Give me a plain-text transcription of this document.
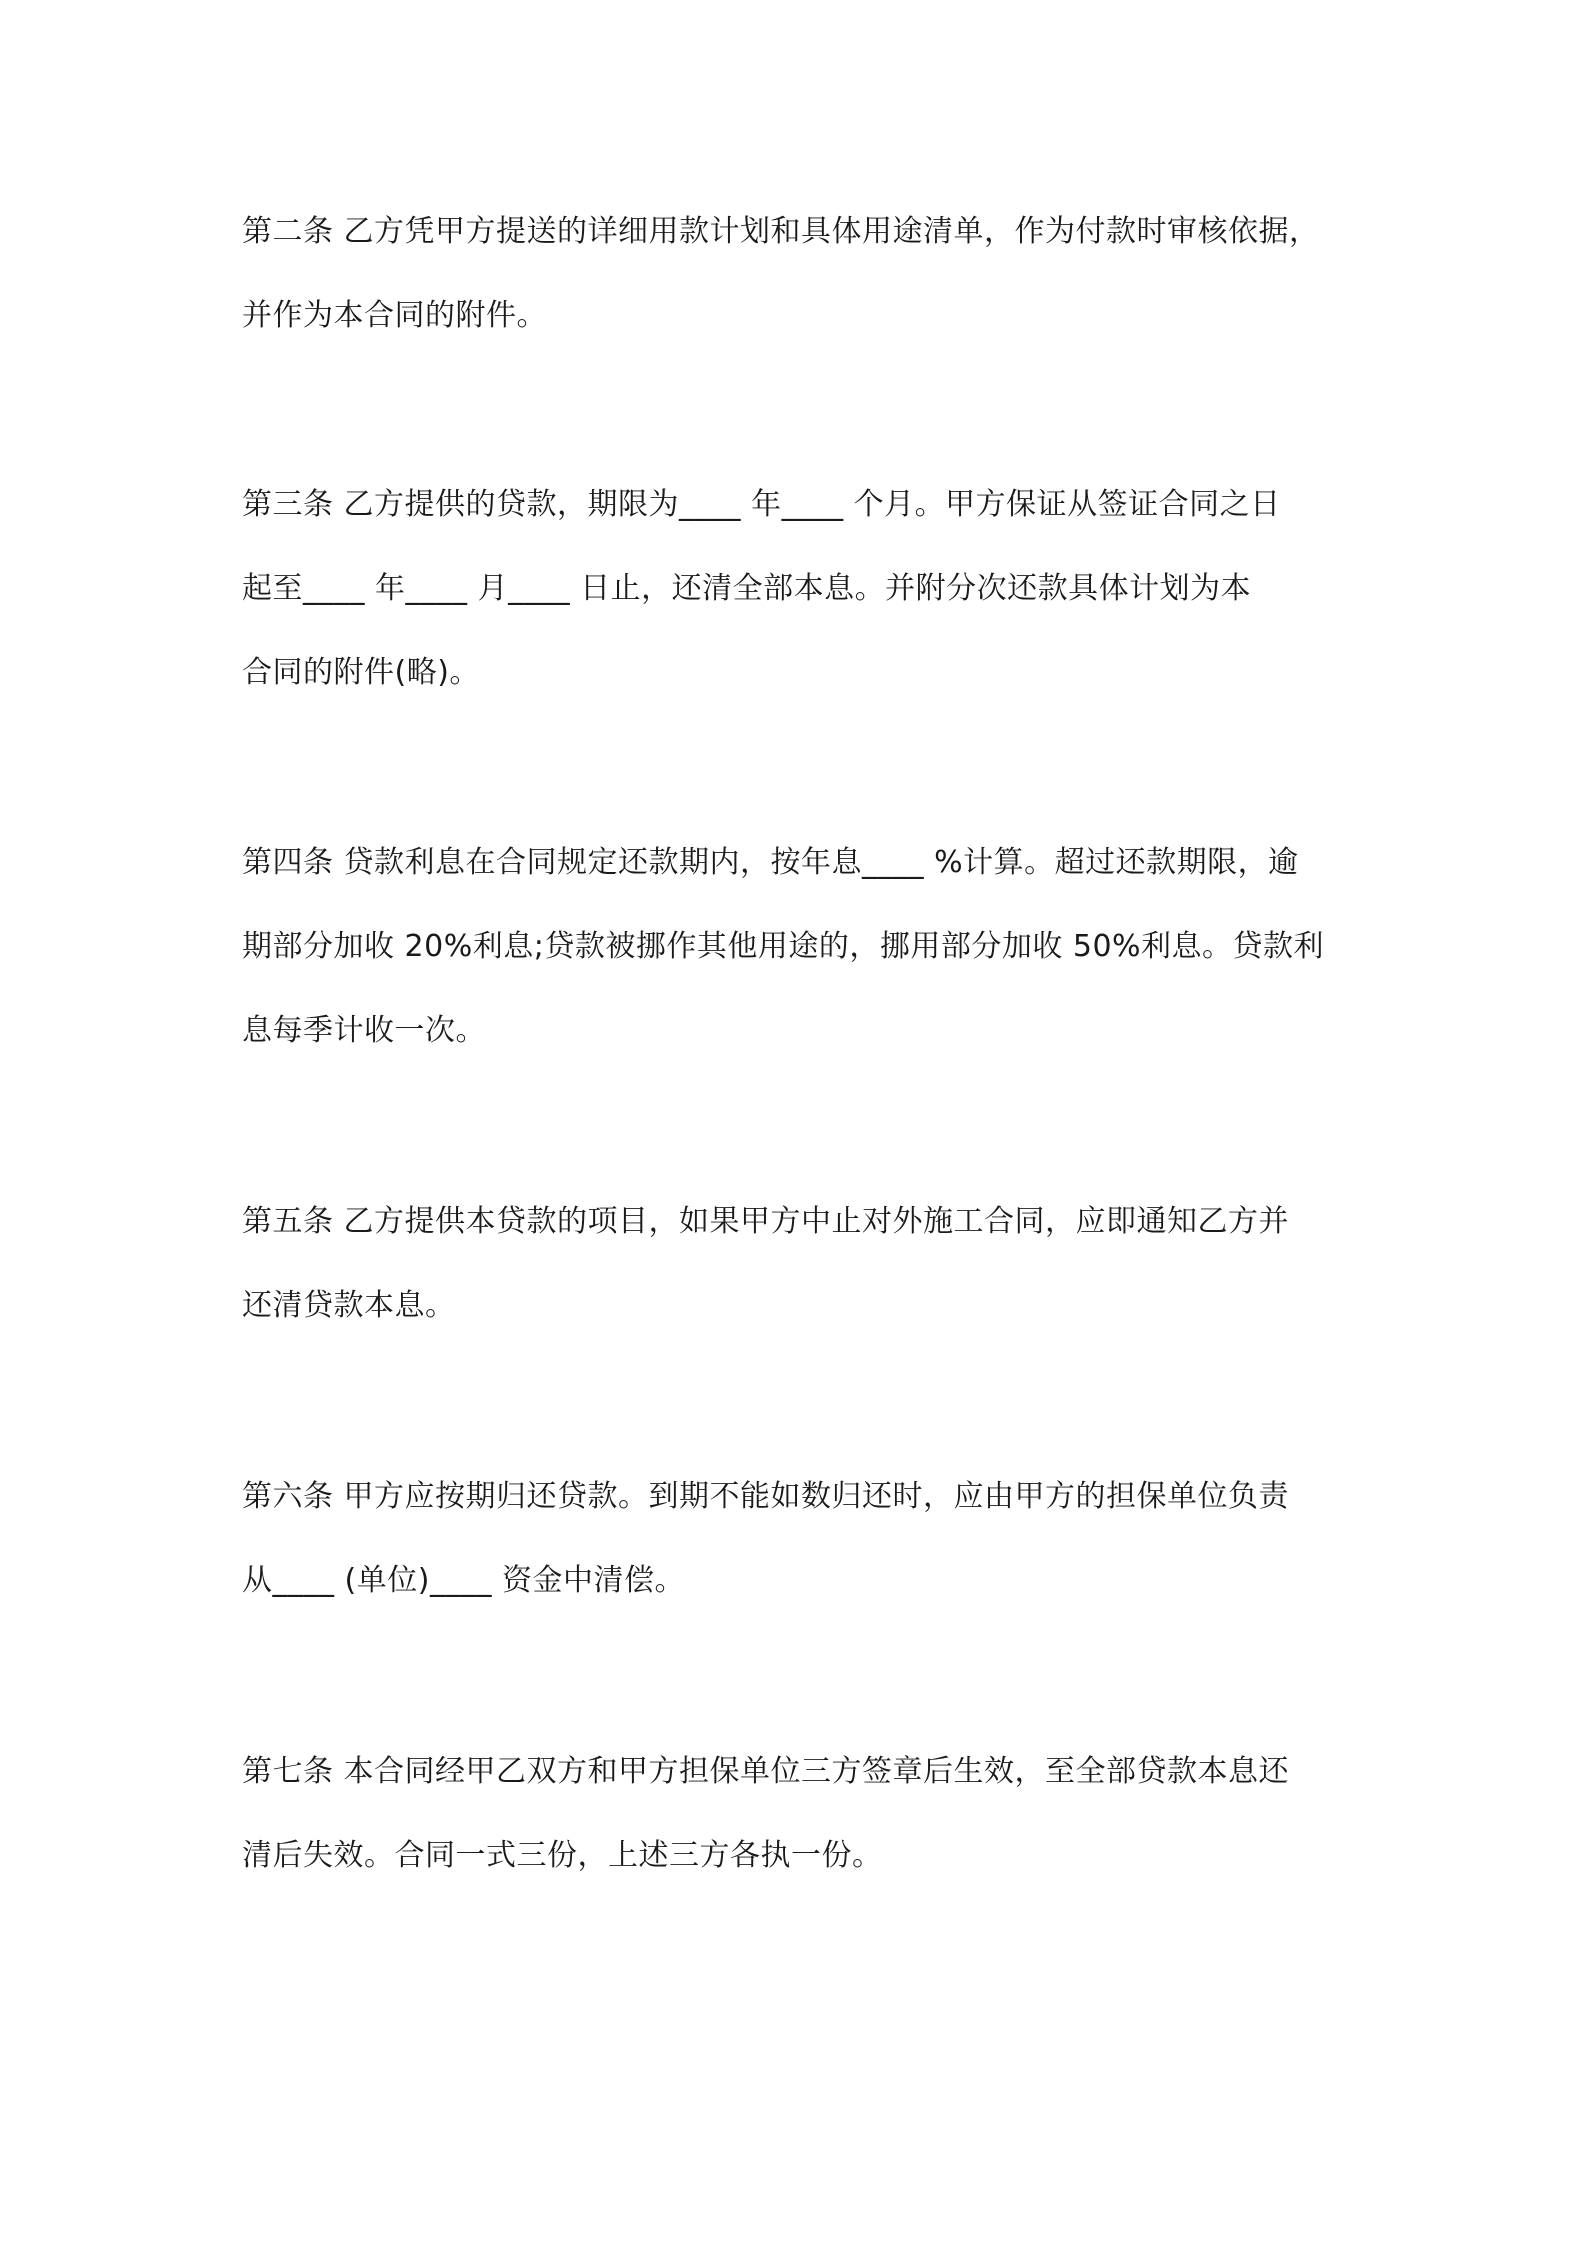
第二条 乙方凭甲方提送的详细用款计划和具体用途清单，作为付款时审核依据，
并作为本合同的附件。
第三条 乙方提供的贷款，期限为____ 年____ 个月。甲方保证从签证合同之日
起至____ 年____ 月____ 日止，还清全部本息。并附分次还款具体计划为本
合同的附件(略)。
第四条 贷款利息在合同规定还款期内，按年息____ %计算。超过还款期限，逾
期部分加收 20%利息;贷款被挪作其他用途的，挪用部分加收 50%利息。贷款利
息每季计收一次。
第五条 乙方提供本贷款的项目，如果甲方中止对外施工合同，应即通知乙方并
还清贷款本息。
第六条 甲方应按期归还贷款。到期不能如数归还时，应由甲方的担保单位负责
从____ (单位)____ 资金中清偿。
第七条 本合同经甲乙双方和甲方担保单位三方签章后生效，至全部贷款本息还
清后失效。合同一式三份，上述三方各执一份。
